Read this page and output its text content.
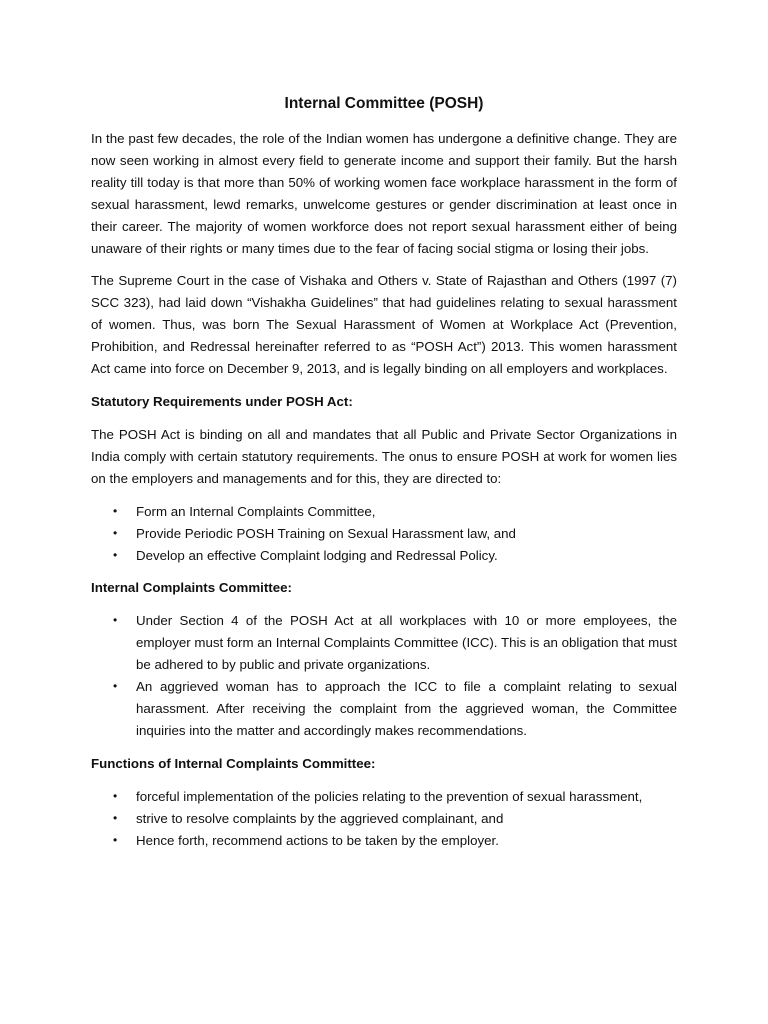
Internal Committee (POSH)

In the past few decades, the role of the Indian women has undergone a definitive change. They are now seen working in almost every field to generate income and support their family. But the harsh reality till today is that more than 50% of working women face workplace harassment in the form of sexual harassment, lewd remarks, unwelcome gestures or gender discrimination at least once in their career. The majority of women workforce does not report sexual harassment either of being unaware of their rights or many times due to the fear of facing social stigma or losing their jobs.

The Supreme Court in the case of Vishaka and Others v. State of Rajasthan and Others (1997 (7) SCC 323), had laid down “Vishakha Guidelines” that had guidelines relating to sexual harassment of women. Thus, was born The Sexual Harassment of Women at Workplace Act (Prevention, Prohibition, and Redressal hereinafter referred to as “POSH Act”) 2013. This women harassment Act came into force on December 9, 2013, and is legally binding on all employers and workplaces.

Statutory Requirements under POSH Act:

The POSH Act is binding on all and mandates that all Public and Private Sector Organizations in India comply with certain statutory requirements. The onus to ensure POSH at work for women lies on the employers and managements and for this, they are directed to:

• Form an Internal Complaints Committee,
• Provide Periodic POSH Training on Sexual Harassment law, and
• Develop an effective Complaint lodging and Redressal Policy.
Internal Complaints Committee:
• Under Section 4 of the POSH Act at all workplaces with 10 or more employees, the employer must form an Internal Complaints Committee (ICC). This is an obligation that must be adhered to by public and private organizations.
• An aggrieved woman has to approach the ICC to file a complaint relating to sexual harassment. After receiving the complaint from the aggrieved woman, the Committee inquiries into the matter and accordingly makes recommendations.
Functions of Internal Complaints Committee:
• forceful implementation of the policies relating to the prevention of sexual harassment,
• strive to resolve complaints by the aggrieved complainant, and
• Hence forth, recommend actions to be taken by the employer.
